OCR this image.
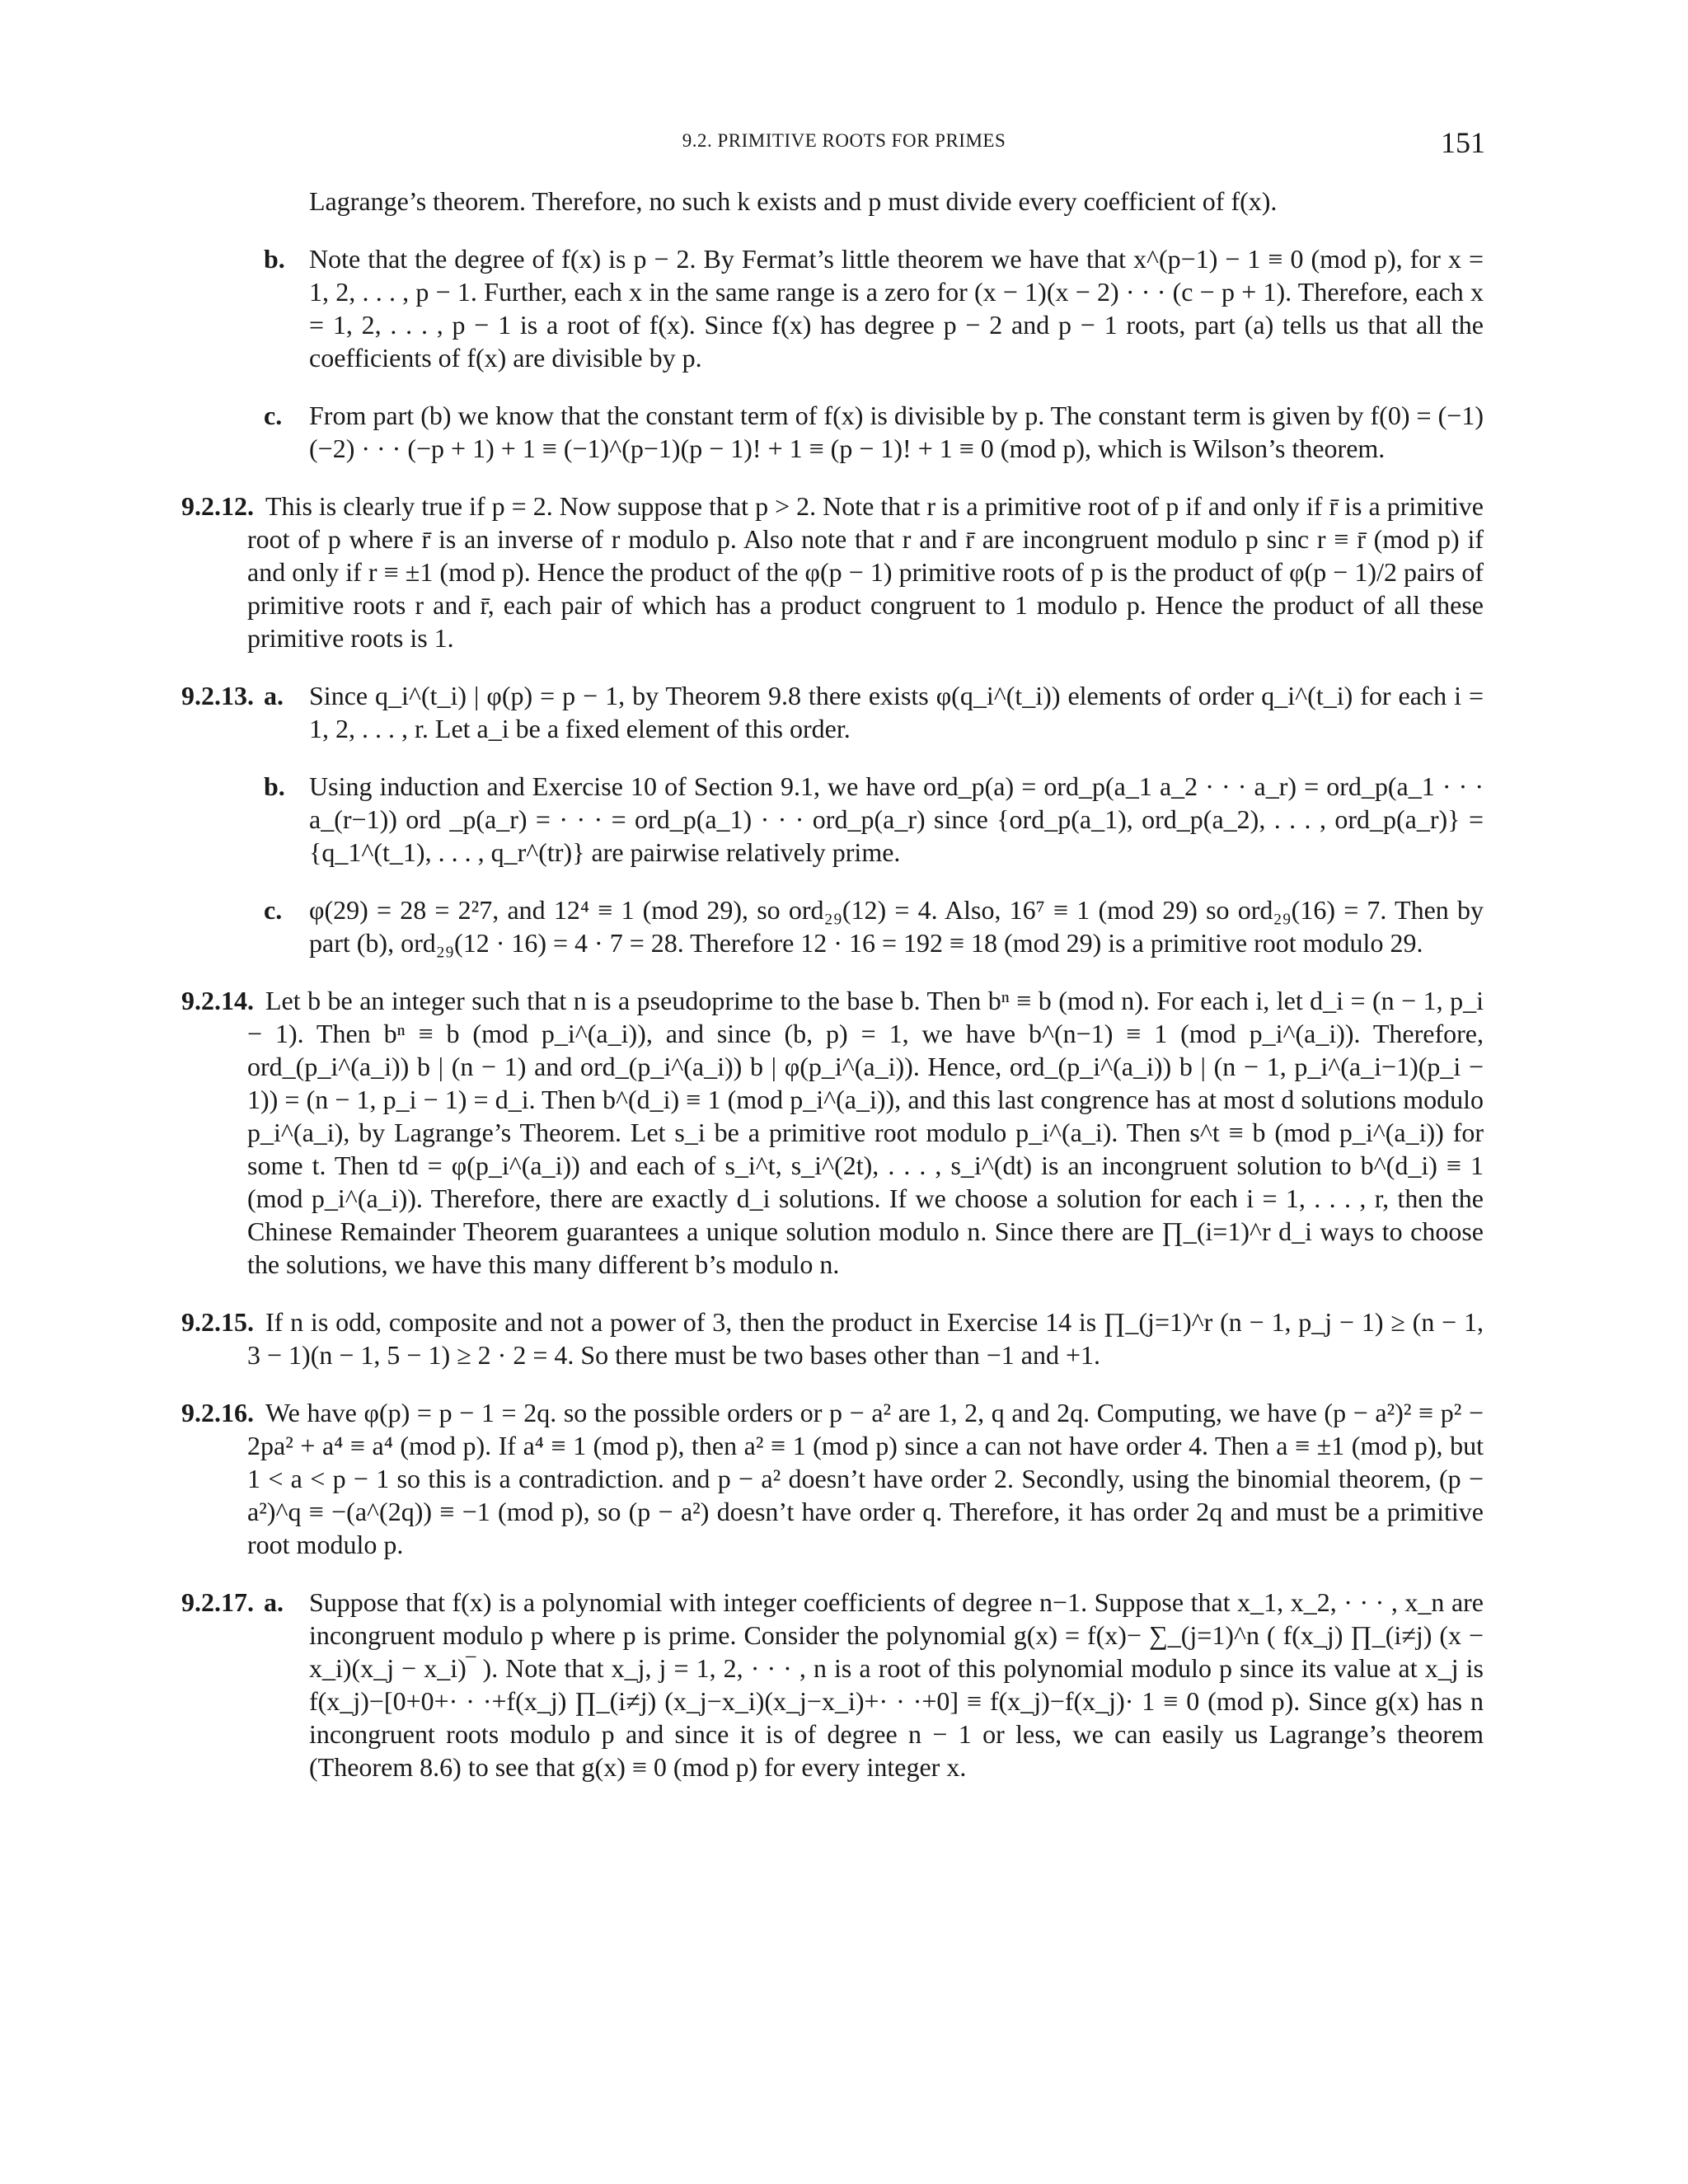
9.2. PRIMITIVE ROOTS FOR PRIMES	151

Lagrange’s theorem. Therefore, no such k exists and p must divide every coefficient of f(x).

b. Note that the degree of f(x) is p − 2. By Fermat’s little theorem we have that x^(p−1) − 1 ≡ 0 (mod p), for x = 1, 2, . . . , p − 1. Further, each x in the same range is a zero for (x − 1)(x − 2) · · · (c − p + 1). Therefore, each x = 1, 2, . . . , p − 1 is a root of f(x). Since f(x) has degree p − 2 and p − 1 roots, part (a) tells us that all the coefficients of f(x) are divisible by p.

c. From part (b) we know that the constant term of f(x) is divisible by p. The constant term is given by f(0) = (−1)(−2) · · · (−p + 1) + 1 ≡ (−1)^(p−1)(p − 1)! + 1 ≡ (p − 1)! + 1 ≡ 0 (mod p), which is Wilson’s theorem.

9.2.12. This is clearly true if p = 2. Now suppose that p > 2. Note that r is a primitive root of p if and only if r̄ is a primitive root of p where r̄ is an inverse of r modulo p. Also note that r and r̄ are incongruent modulo p sinc r ≡ r̄ (mod p) if and only if r ≡ ±1 (mod p). Hence the product of the φ(p − 1) primitive roots of p is the product of φ(p − 1)/2 pairs of primitive roots r and r̄, each pair of which has a product congruent to 1 modulo p. Hence the product of all these primitive roots is 1.

9.2.13. a. Since q_i^(t_i) | φ(p) = p − 1, by Theorem 9.8 there exists φ(q_i^(t_i)) elements of order q_i^(t_i) for each i = 1, 2, . . . , r. Let a_i be a fixed element of this order.

b. Using induction and Exercise 10 of Section 9.1, we have ord_p(a) = ord_p(a_1 a_2 · · · a_r) = ord_p(a_1 · · · a_(r−1)) ord _p(a_r) = · · · = ord_p(a_1) · · · ord_p(a_r) since {ord_p(a_1), ord_p(a_2), . . . , ord_p(a_r)} = {q_1^(t_1), . . . , q_r^(tr)} are pairwise relatively prime.

c. φ(29) = 28 = 2²7, and 12⁴ ≡ 1 (mod 29), so ord₂₉(12) = 4. Also, 16⁷ ≡ 1 (mod 29) so ord₂₉(16) = 7. Then by part (b), ord₂₉(12 · 16) = 4 · 7 = 28. Therefore 12 · 16 = 192 ≡ 18 (mod 29) is a primitive root modulo 29.

9.2.14. Let b be an integer such that n is a pseudoprime to the base b. Then bⁿ ≡ b (mod n). For each i, let d_i = (n − 1, p_i − 1). Then bⁿ ≡ b (mod p_i^(a_i)), and since (b, p) = 1, we have b^(n−1) ≡ 1 (mod p_i^(a_i)). Therefore, ord_(p_i^(a_i)) b | (n − 1) and ord_(p_i^(a_i)) b | φ(p_i^(a_i)). Hence, ord_(p_i^(a_i)) b | (n − 1, p_i^(a_i−1)(p_i − 1)) = (n − 1, p_i − 1) = d_i. Then b^(d_i) ≡ 1 (mod p_i^(a_i)), and this last congrence has at most d solutions modulo p_i^(a_i), by Lagrange’s Theorem. Let s_i be a primitive root modulo p_i^(a_i). Then s^t ≡ b (mod p_i^(a_i)) for some t. Then td = φ(p_i^(a_i)) and each of s_i^t, s_i^(2t), . . . , s_i^(dt) is an incongruent solution to b^(d_i) ≡ 1 (mod p_i^(a_i)). Therefore, there are exactly d_i solutions. If we choose a solution for each i = 1, . . . , r, then the Chinese Remainder Theorem guarantees a unique solution modulo n. Since there are ∏_(i=1)^r d_i ways to choose the solutions, we have this many different b’s modulo n.

9.2.15. If n is odd, composite and not a power of 3, then the product in Exercise 14 is ∏_(j=1)^r (n − 1, p_j − 1) ≥ (n − 1, 3 − 1)(n − 1, 5 − 1) ≥ 2 · 2 = 4. So there must be two bases other than −1 and +1.

9.2.16. We have φ(p) = p − 1 = 2q. so the possible orders or p − a² are 1, 2, q and 2q. Computing, we have (p − a²)² ≡ p² − 2pa² + a⁴ ≡ a⁴ (mod p). If a⁴ ≡ 1 (mod p), then a² ≡ 1 (mod p) since a can not have order 4. Then a ≡ ±1 (mod p), but 1 < a < p − 1 so this is a contradiction. and p − a² doesn’t have order 2. Secondly, using the binomial theorem, (p − a²)^q ≡ −(a^(2q)) ≡ −1 (mod p), so (p − a²) doesn’t have order q. Therefore, it has order 2q and must be a primitive root modulo p.

9.2.17. a. Suppose that f(x) is a polynomial with integer coefficients of degree n−1. Suppose that x_1, x_2, · · · , x_n are incongruent modulo p where p is prime. Consider the polynomial g(x) = f(x)− ∑_(j=1)^n ( f(x_j) ∏_(i≠j) (x − x_i)(x_j − x_i)‾ ). Note that x_j, j = 1, 2, · · · , n is a root of this polynomial modulo p since its value at x_j is f(x_j)−[0+0+· · ·+f(x_j) ∏_(i≠j) (x_j−x_i)(x_j−x_i)+· · ·+0] ≡ f(x_j)−f(x_j)· 1 ≡ 0 (mod p). Since g(x) has n incongruent roots modulo p and since it is of degree n − 1 or less, we can easily us Lagrange’s theorem (Theorem 8.6) to see that g(x) ≡ 0 (mod p) for every integer x.
